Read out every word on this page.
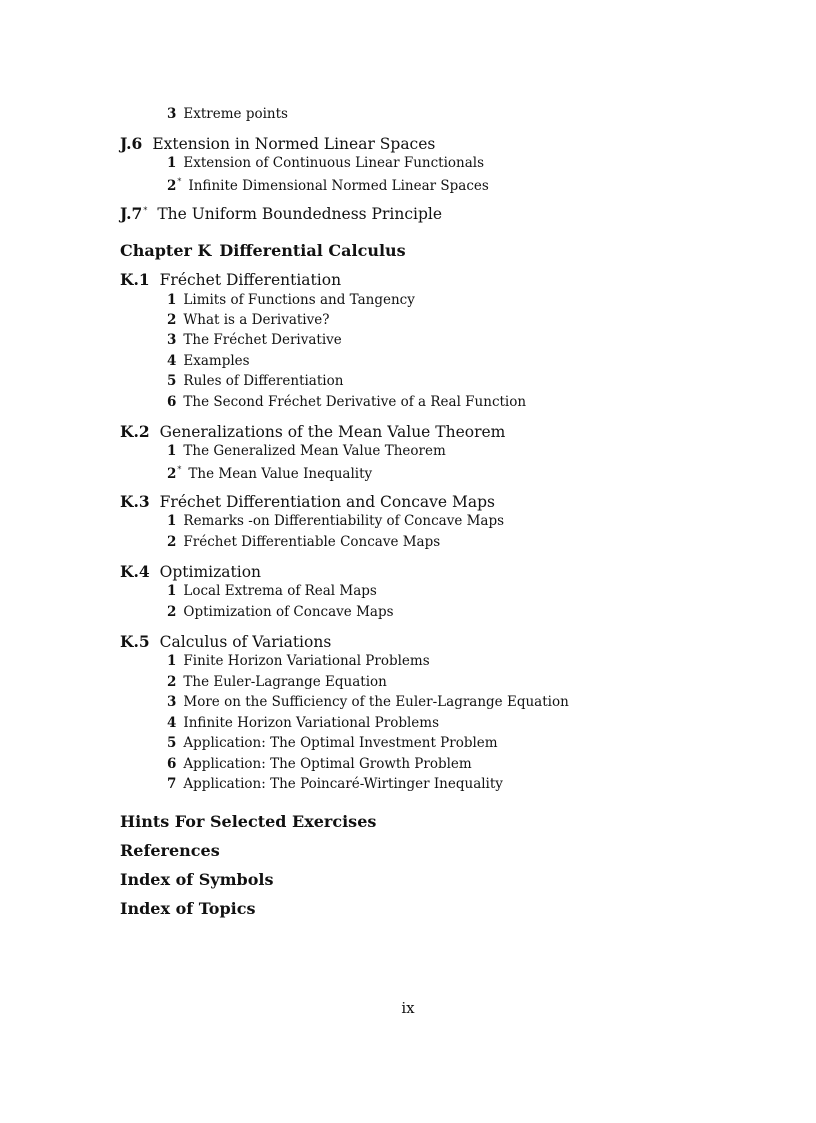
3 Extreme points
J.6 Extension in Normed Linear Spaces
1 Extension of Continuous Linear Functionals
2* Infinite Dimensional Normed Linear Spaces
J.7* The Uniform Boundedness Principle
Chapter K Differential Calculus
K.1 Fréchet Differentiation
1 Limits of Functions and Tangency
2 What is a Derivative?
3 The Fréchet Derivative
4 Examples
5 Rules of Differentiation
6 The Second Fréchet Derivative of a Real Function
K.2 Generalizations of the Mean Value Theorem
1 The Generalized Mean Value Theorem
2* The Mean Value Inequality
K.3 Fréchet Differentiation and Concave Maps
1 Remarks -on Differentiability of Concave Maps
2 Fréchet Differentiable Concave Maps
K.4 Optimization
1 Local Extrema of Real Maps
2 Optimization of Concave Maps
K.5 Calculus of Variations
1 Finite Horizon Variational Problems
2 The Euler-Lagrange Equation
3 More on the Sufficiency of the Euler-Lagrange Equation
4 Infinite Horizon Variational Problems
5 Application: The Optimal Investment Problem
6 Application: The Optimal Growth Problem
7 Application: The Poincaré-Wirtinger Inequality
Hints For Selected Exercises
References
Index of Symbols
Index of Topics
ix
